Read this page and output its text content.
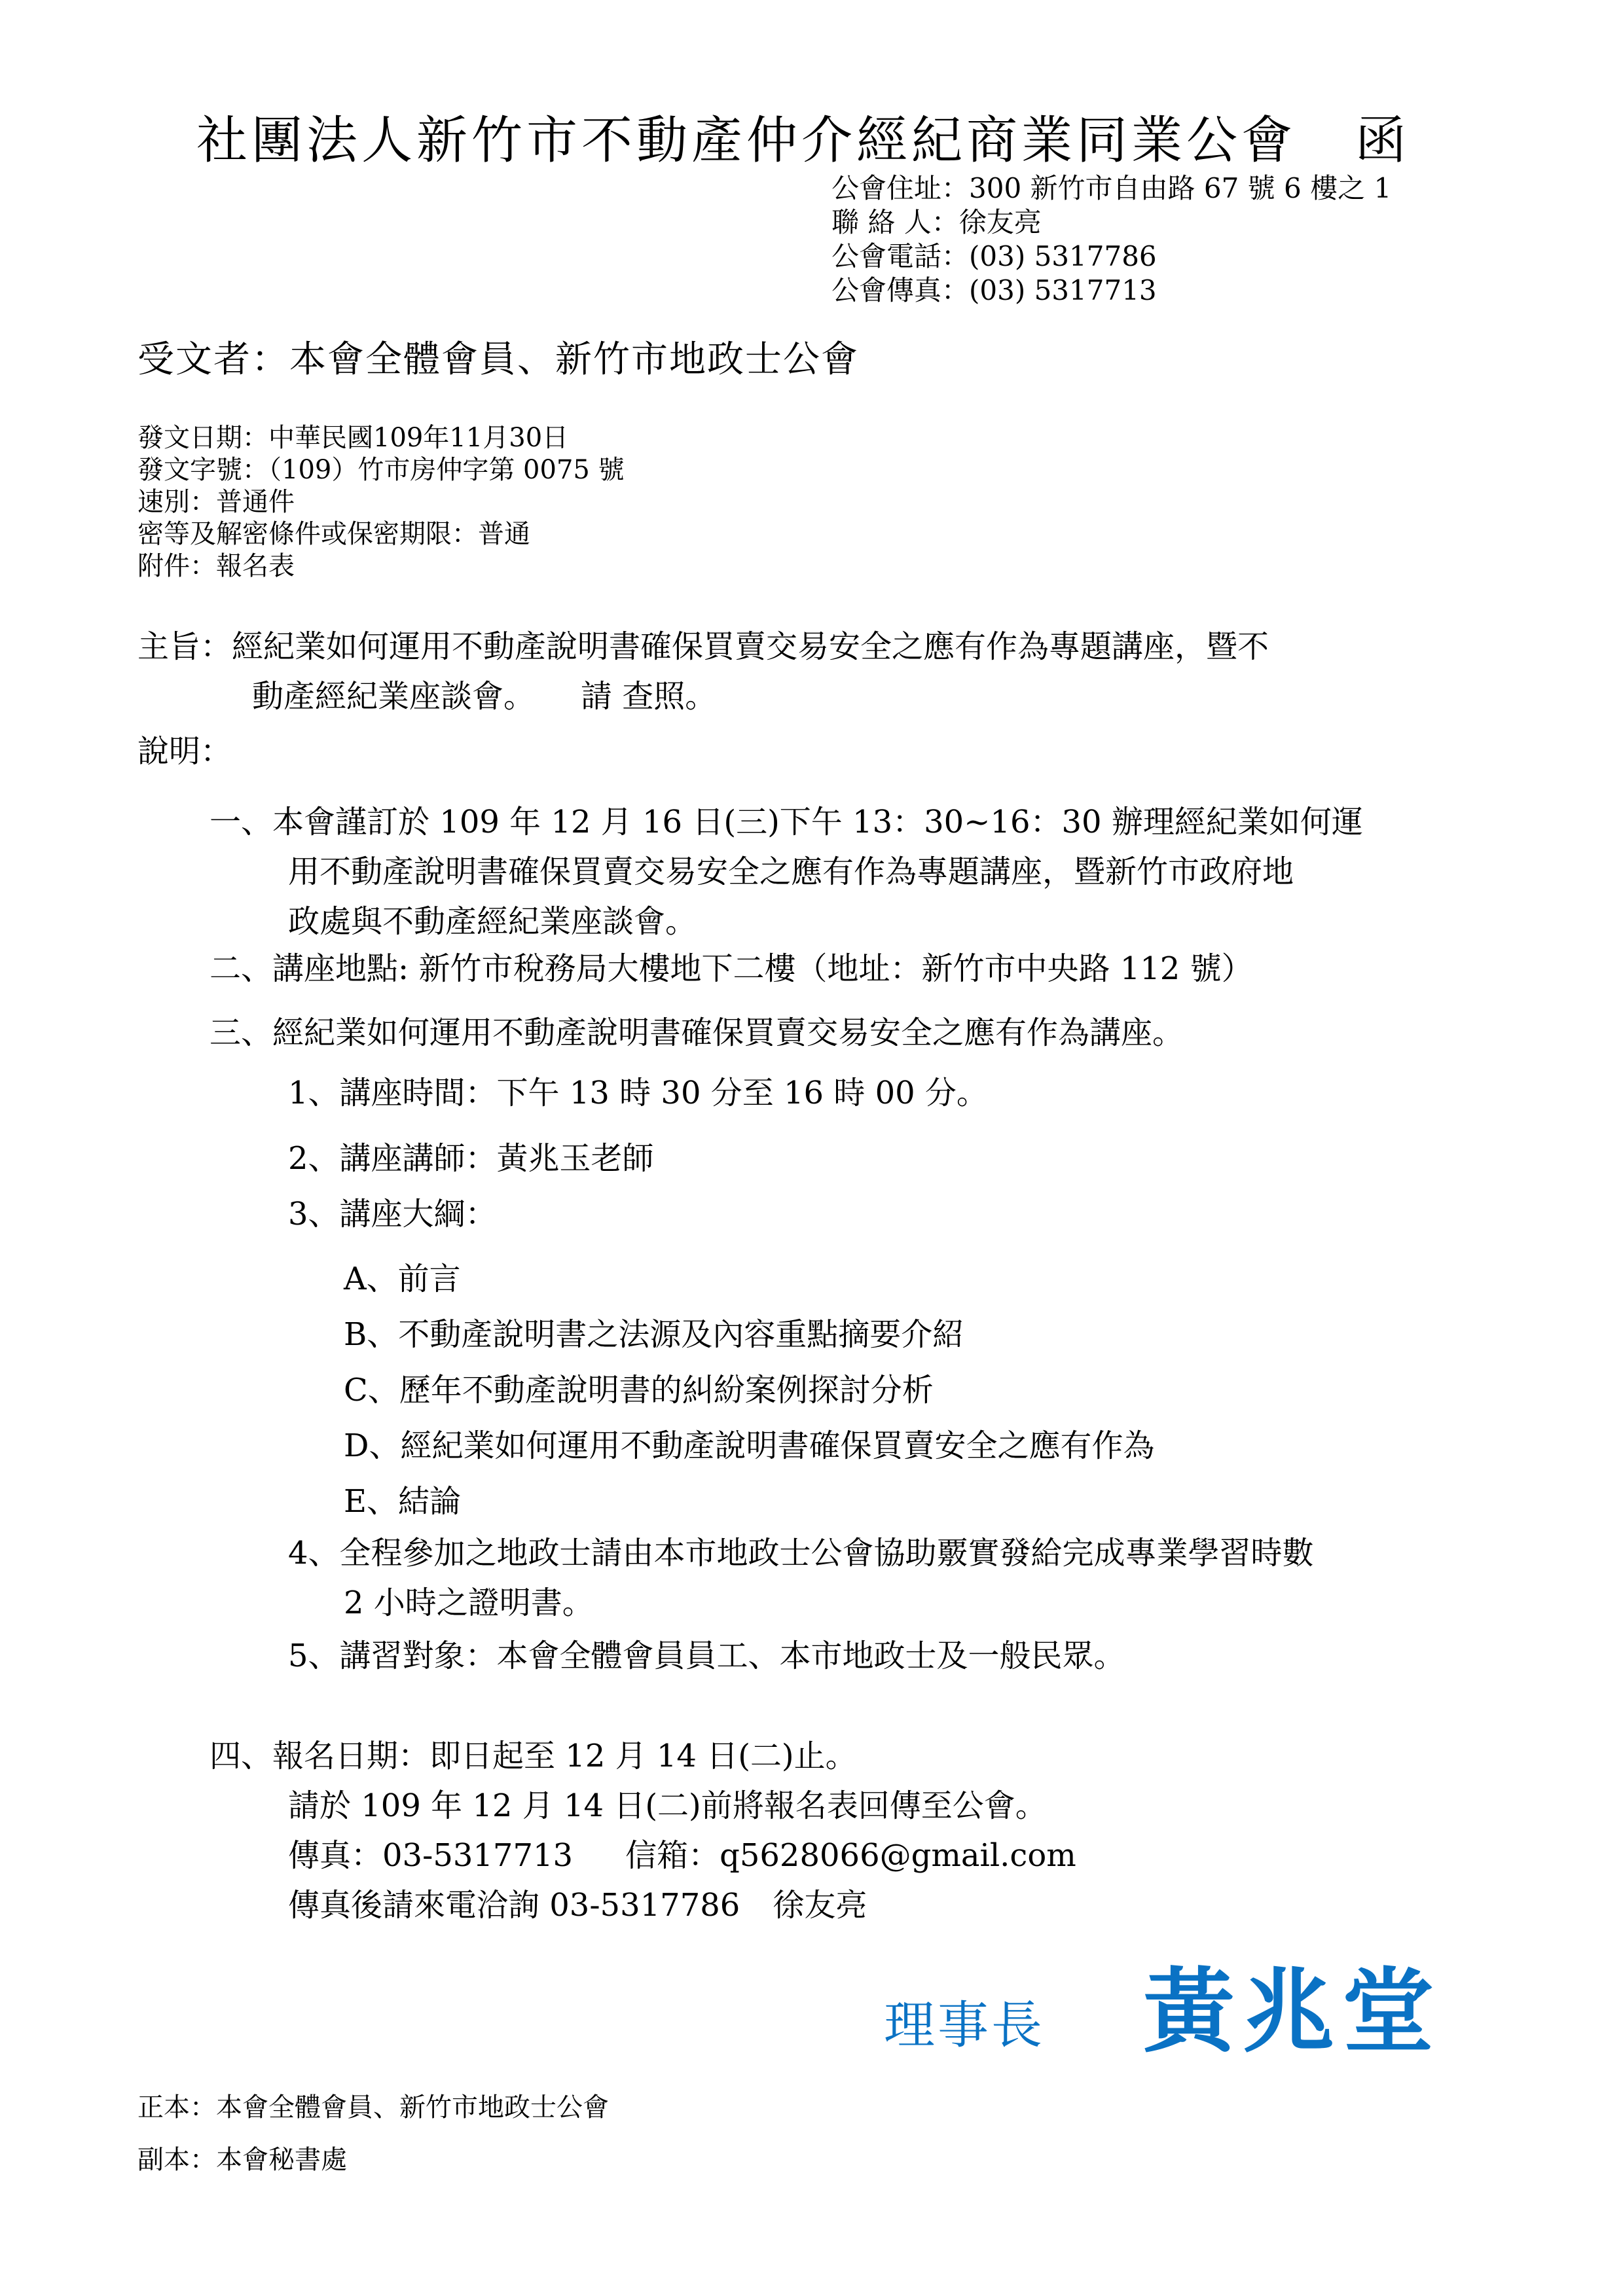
社團法人新竹市不動產仲介經紀商業同業公會 函
公會住址：300 新竹市自由路 67 號 6 樓之 1
聯 絡 人：徐友亮
公會電話：(03) 5317786
公會傳真：(03) 5317713
受文者：本會全體會員、新竹市地政士公會
發文日期：中華民國109年11月30日
發文字號：（109）竹市房仲字第 0075 號
速別：普通件
密等及解密條件或保密期限：普通
附件：報名表
主旨：經紀業如何運用不動產說明書確保買賣交易安全之應有作為專題講座，暨不
動產經紀業座談會。 請 查照。
說明：
一、本會謹訂於 109 年 12 月 16 日(三)下午 13：30~16：30 辦理經紀業如何運
用不動產說明書確保買賣交易安全之應有作為專題講座，暨新竹市政府地
政處與不動產經紀業座談會。
二、講座地點: 新竹市稅務局大樓地下二樓（地址：新竹市中央路 112 號）
三、經紀業如何運用不動產說明書確保買賣交易安全之應有作為講座。
1、講座時間：下午 13 時 30 分至 16 時 00 分。
2、講座講師：黃兆玉老師
3、講座大綱：
A、前言
B、不動產說明書之法源及內容重點摘要介紹
C、歷年不動產說明書的糾紛案例探討分析
D、經紀業如何運用不動產說明書確保買賣安全之應有作為
E、結論
4、全程參加之地政士請由本市地政士公會協助覈實發給完成專業學習時數
2 小時之證明書。
5、講習對象：本會全體會員員工、本市地政士及一般民眾。
四、報名日期：即日起至 12 月 14 日(二)止。
請於 109 年 12 月 14 日(二)前將報名表回傳至公會。
傳真：03-5317713 信箱：q5628066@gmail.com
傳真後請來電洽詢 03-5317786 徐友亮
理事長 黃兆堂
正本：本會全體會員、新竹市地政士公會
副本：本會秘書處
